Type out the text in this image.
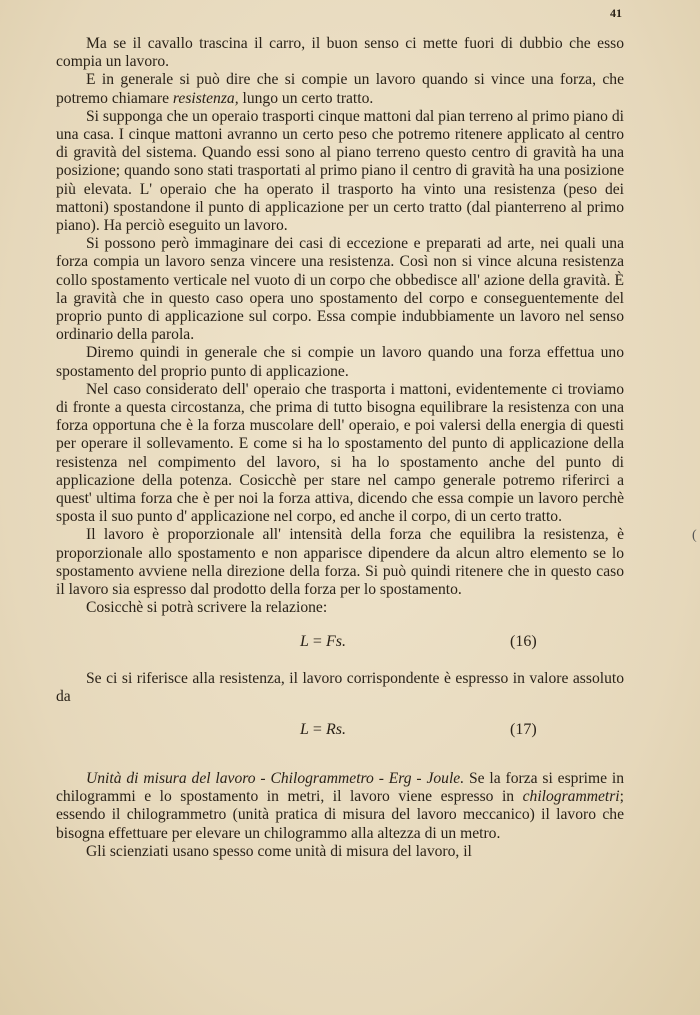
41

Ma se il cavallo trascina il carro, il buon senso ci mette fuori di dubbio che esso compia un lavoro.

E in generale si può dire che si compie un lavoro quando si vince una forza, che potremo chiamare resistenza, lungo un certo tratto.

Si supponga che un operaio trasporti cinque mattoni dal pian terreno al primo piano di una casa. I cinque mattoni avranno un certo peso che potremo ritenere applicato al centro di gravità del sistema. Quando essi sono al piano terreno questo centro di gravità ha una posizione; quando sono stati trasportati al primo piano il centro di gravità ha una posizione più elevata. L' operaio che ha operato il trasporto ha vinto una resistenza (peso dei mattoni) spostandone il punto di applicazione per un certo tratto (dal pianterreno al primo piano). Ha perciò eseguito un lavoro.

Si possono però immaginare dei casi di eccezione e preparati ad arte, nei quali una forza compia un lavoro senza vincere una resistenza. Così non si vince alcuna resistenza collo spostamento verticale nel vuoto di un corpo che obbedisce all' azione della gravità. È la gravità che in questo caso opera uno spostamento del corpo e conseguentemente del proprio punto di applicazione sul corpo. Essa compie indubbiamente un lavoro nel senso ordinario della parola.

Diremo quindi in generale che si compie un lavoro quando una forza effettua uno spostamento del proprio punto di applicazione.

Nel caso considerato dell' operaio che trasporta i mattoni, evidentemente ci troviamo di fronte a questa circostanza, che prima di tutto bisogna equilibrare la resistenza con una forza opportuna che è la forza muscolare dell' operaio, e poi valersi della energia di questi per operare il sollevamento. E come si ha lo spostamento del punto di applicazione della resistenza nel compimento del lavoro, si ha lo spostamento anche del punto di applicazione della potenza. Cosicchè per stare nel campo generale potremo riferirci a quest' ultima forza che è per noi la forza attiva, dicendo che essa compie un lavoro perchè sposta il suo punto d' applicazione nel corpo, ed anche il corpo, di un certo tratto.

Il lavoro è proporzionale all' intensità della forza che equilibra la resistenza, è proporzionale allo spostamento e non apparisce dipendere da alcun altro elemento se lo spostamento avviene nella direzione della forza. Si può quindi ritenere che in questo caso il lavoro sia espresso dal prodotto della forza per lo spostamento.

Cosicchè si potrà scrivere la relazione:

L = Fs.	(16)

Se ci si riferisce alla resistenza, il lavoro corrispondente è espresso in valore assoluto da

L = Rs.	(17)

Unità di misura del lavoro - Chilogrammetro - Erg - Joule. Se la forza si esprime in chilogrammi e lo spostamento in metri, il lavoro viene espresso in chilogrammetri; essendo il chilogrammetro (unità pratica di misura del lavoro meccanico) il lavoro che bisogna effettuare per elevare un chilogrammo alla altezza di un metro.

Gli scienziati usano spesso come unità di misura del lavoro, il

(
